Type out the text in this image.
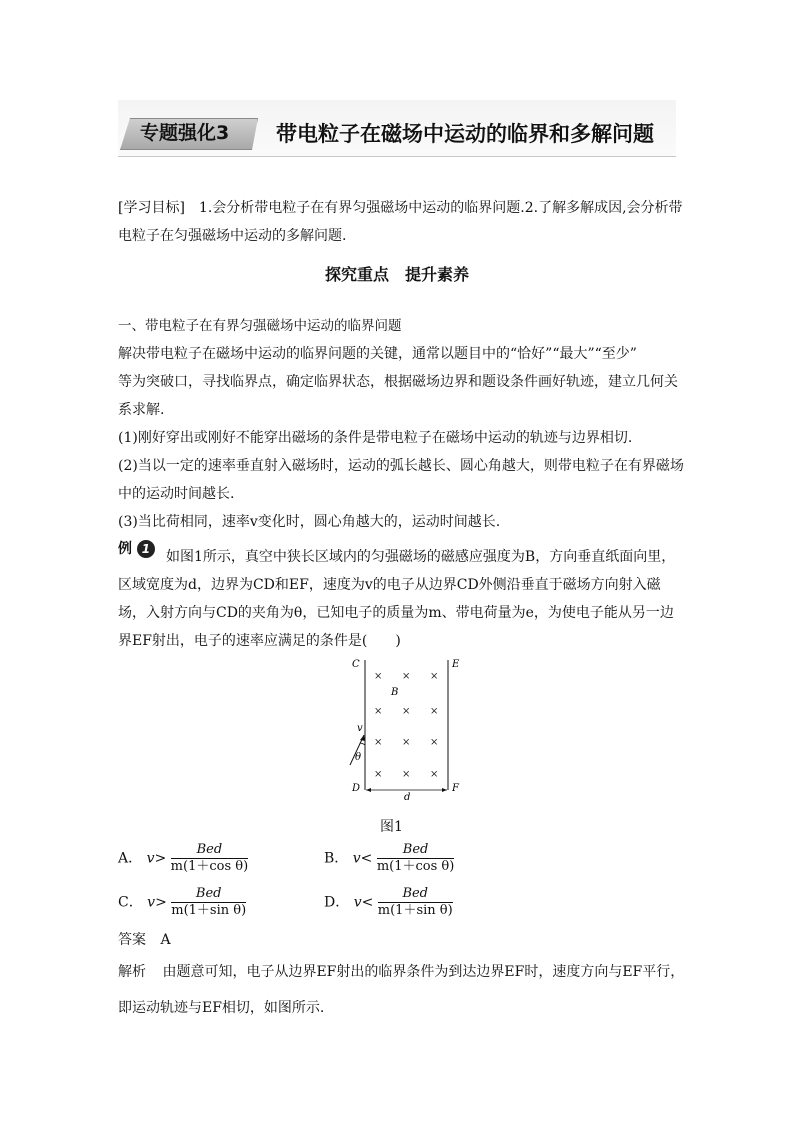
专题强化3 带电粒子在磁场中运动的临界和多解问题
[学习目标]　1.会分析带电粒子在有界匀强磁场中运动的临界问题.2.了解多解成因,会分析带
电粒子在匀强磁场中运动的多解问题.
探究重点　提升素养
一、带电粒子在有界匀强磁场中运动的临界问题
解决带电粒子在磁场中运动的临界问题的关键，通常以题目中的“恰好”“最大”“至少”
等为突破口，寻找临界点，确定临界状态，根据磁场边界和题设条件画好轨迹，建立几何关
系求解.
(1)刚好穿出或刚好不能穿出磁场的条件是带电粒子在磁场中运动的轨迹与边界相切.
(2)当以一定的速率垂直射入磁场时，运动的弧长越长、圆心角越大，则带电粒子在有界磁场
中的运动时间越长.
(3)当比荷相同，速率v变化时，圆心角越大的，运动时间越长.
例 1	如图1所示，真空中狭长区域内的匀强磁场的磁感应强度为B，方向垂直纸面向里，
区域宽度为d，边界为CD和EF，速度为v的电子从边界CD外侧沿垂直于磁场方向射入磁
场，入射方向与CD的夹角为θ，已知电子的质量为m、带电荷量为e，为使电子能从另一边
界EF射出，电子的速率应满足的条件是(　　)
C	E
D	F
B
× × ×
× × ×
× × ×
× × ×
v
θ
d
图1
A． $v> \frac{\text{Bed}}{\text{m(1＋cos θ)}}$	B． $v< \frac{\text{Bed}}{\text{m(1＋cos θ)}}$
C． $v> \frac{\text{Bed}}{\text{m(1＋sin θ)}}$	D． $v< \frac{\text{Bed}}{\text{m(1＋sin θ)}}$
答案 A
解析 由题意可知，电子从边界EF射出的临界条件为到达边界EF时，速度方向与EF平行，
即运动轨迹与EF相切，如图所示.
